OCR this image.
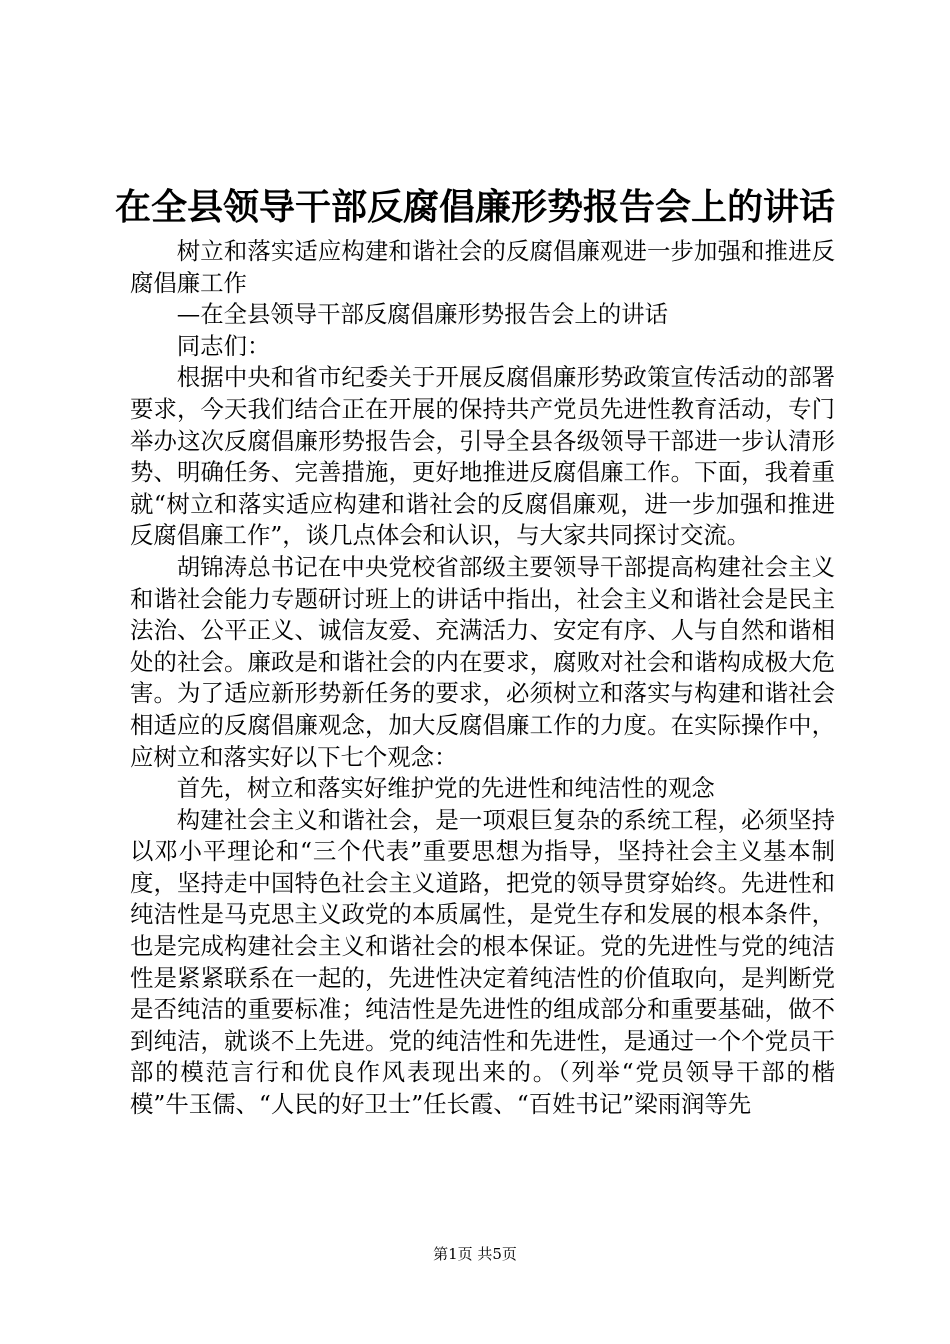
在全县领导干部反腐倡廉形势报告会上的讲话

树立和落实适应构建和谐社会的反腐倡廉观进一步加强和推进反腐倡廉工作

—在全县领导干部反腐倡廉形势报告会上的讲话

同志们：

根据中央和省市纪委关于开展反腐倡廉形势政策宣传活动的部署要求，今天我们结合正在开展的保持共产党员先进性教育活动，专门举办这次反腐倡廉形势报告会，引导全县各级领导干部进一步认清形势、明确任务、完善措施，更好地推进反腐倡廉工作。下面，我着重就“树立和落实适应构建和谐社会的反腐倡廉观，进一步加强和推进反腐倡廉工作”，谈几点体会和认识，与大家共同探讨交流。

胡锦涛总书记在中央党校省部级主要领导干部提高构建社会主义和谐社会能力专题研讨班上的讲话中指出，社会主义和谐社会是民主法治、公平正义、诚信友爱、充满活力、安定有序、人与自然和谐相处的社会。廉政是和谐社会的内在要求，腐败对社会和谐构成极大危害。为了适应新形势新任务的要求，必须树立和落实与构建和谐社会相适应的反腐倡廉观念，加大反腐倡廉工作的力度。在实际操作中，应树立和落实好以下七个观念：

首先，树立和落实好维护党的先进性和纯洁性的观念

构建社会主义和谐社会，是一项艰巨复杂的系统工程，必须坚持以邓小平理论和“三个代表”重要思想为指导，坚持社会主义基本制度，坚持走中国特色社会主义道路，把党的领导贯穿始终。先进性和纯洁性是马克思主义政党的本质属性，是党生存和发展的根本条件，也是完成构建社会主义和谐社会的根本保证。党的先进性与党的纯洁性是紧紧联系在一起的，先进性决定着纯洁性的价值取向，是判断党是否纯洁的重要标准；纯洁性是先进性的组成部分和重要基础，做不到纯洁，就谈不上先进。党的纯洁性和先进性，是通过一个个党员干部的模范言行和优良作风表现出来的。（列举“党员领导干部的楷模”牛玉儒、“人民的好卫士”任长霞、“百姓书记”梁雨润等先

第1页 共5页
